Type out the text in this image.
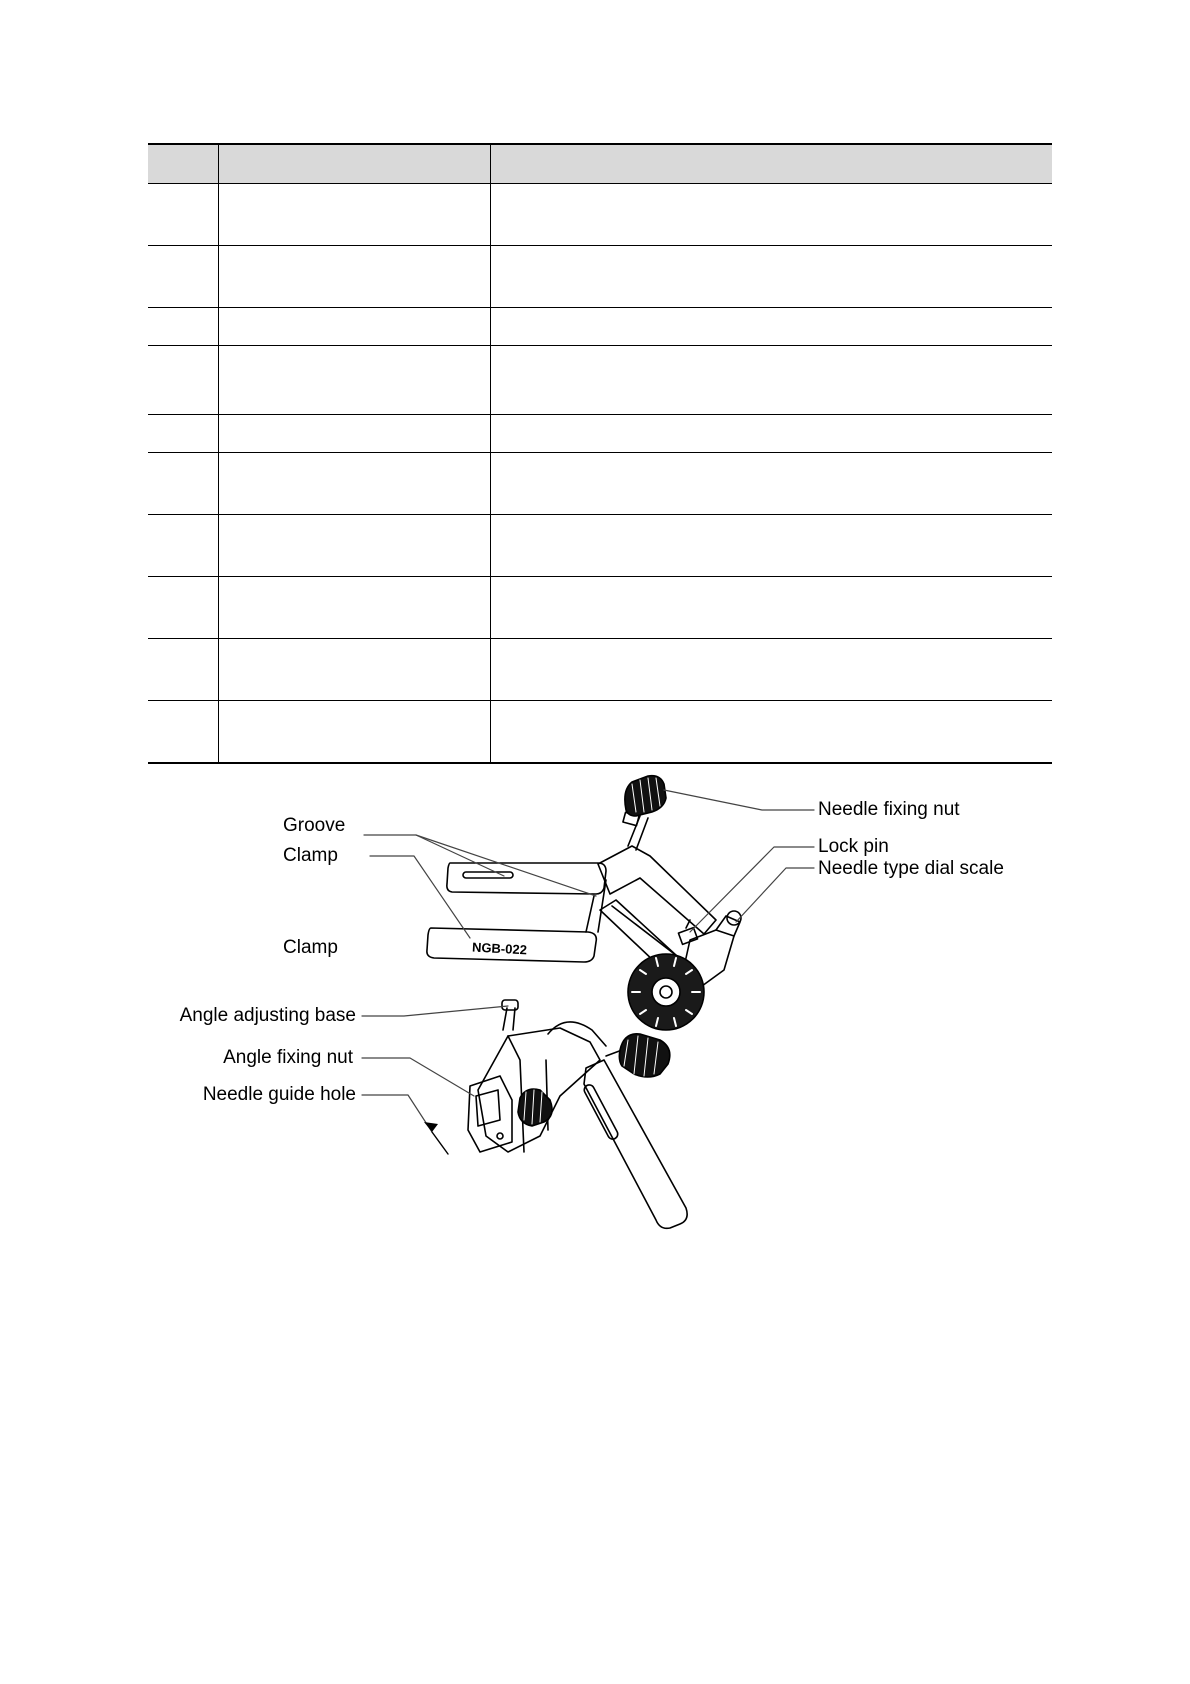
NGB-022
Groove
Clamp
Clamp
Needle fixing nut
Lock pin
Needle type dial scale
Angle adjusting base
Angle fixing nut
Needle guide hole
